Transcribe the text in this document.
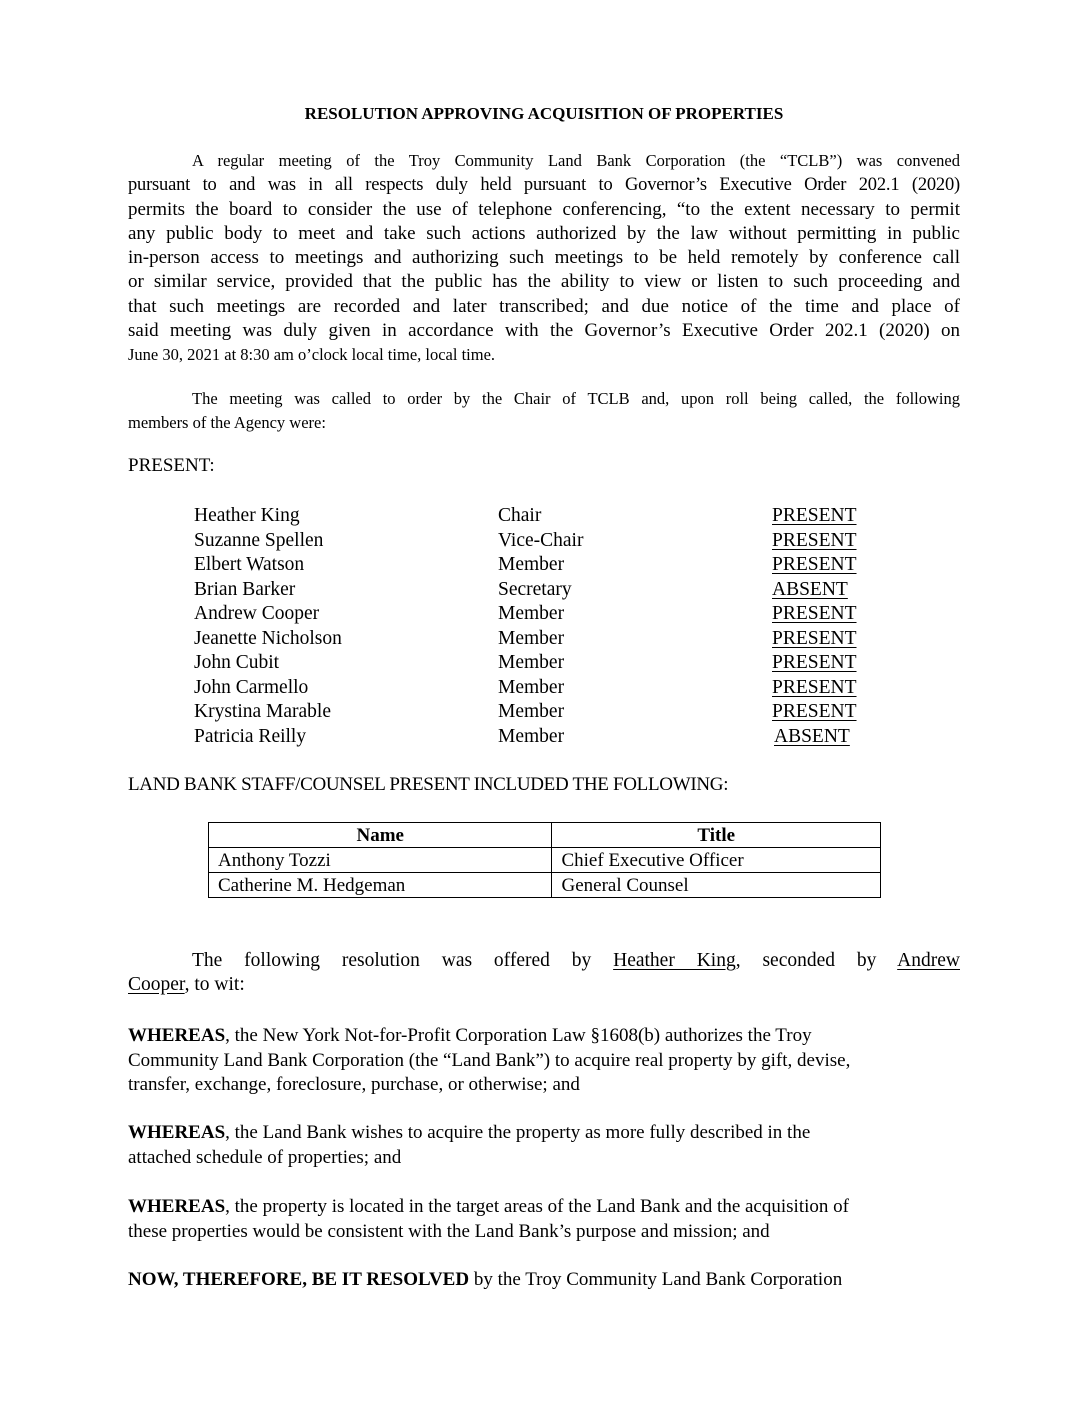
RESOLUTION APPROVING ACQUISITION OF PROPERTIES
A regular meeting of the Troy Community Land Bank Corporation (the “TCLB”) was convened
pursuant to and was in all respects duly held pursuant to Governor’s Executive Order 202.1 (2020)
permits the board to consider the use of telephone conferencing, “to the extent necessary to permit
any public body to meet and take such actions authorized by the law without permitting in public
in-person access to meetings and authorizing such meetings to be held remotely by conference call
or similar service, provided that the public has the ability to view or listen to such proceeding and
that such meetings are recorded and later transcribed; and due notice of the time and place of
said meeting was duly given in accordance with the Governor’s Executive Order 202.1 (2020) on
June 30, 2021 at 8:30 am o’clock local time, local time.
The meeting was called to order by the Chair of TCLB and, upon roll being called, the following
members of the Agency were:
PRESENT:
Heather King	Chair	PRESENT
Suzanne Spellen	Vice-Chair	PRESENT
Elbert Watson	Member	PRESENT
Brian Barker	Secretary	ABSENT
Andrew Cooper	Member	PRESENT
Jeanette Nicholson	Member	PRESENT
John Cubit	Member	PRESENT
John Carmello	Member	PRESENT
Krystina Marable	Member	PRESENT
Patricia Reilly	Member	ABSENT
LAND BANK STAFF/COUNSEL PRESENT INCLUDED THE FOLLOWING:
Name	Title
Anthony Tozzi	Chief Executive Officer
Catherine M. Hedgeman	General Counsel
The following resolution was offered by Heather King, seconded by Andrew
Cooper, to wit:
WHEREAS, the New York Not-for-Profit Corporation Law §1608(b) authorizes the Troy
Community Land Bank Corporation (the “Land Bank”) to acquire real property by gift, devise,
transfer, exchange, foreclosure, purchase, or otherwise; and
WHEREAS, the Land Bank wishes to acquire the property as more fully described in the
attached schedule of properties; and
WHEREAS, the property is located in the target areas of the Land Bank and the acquisition of
these properties would be consistent with the Land Bank’s purpose and mission; and
NOW, THEREFORE, BE IT RESOLVED by the Troy Community Land Bank Corporation
